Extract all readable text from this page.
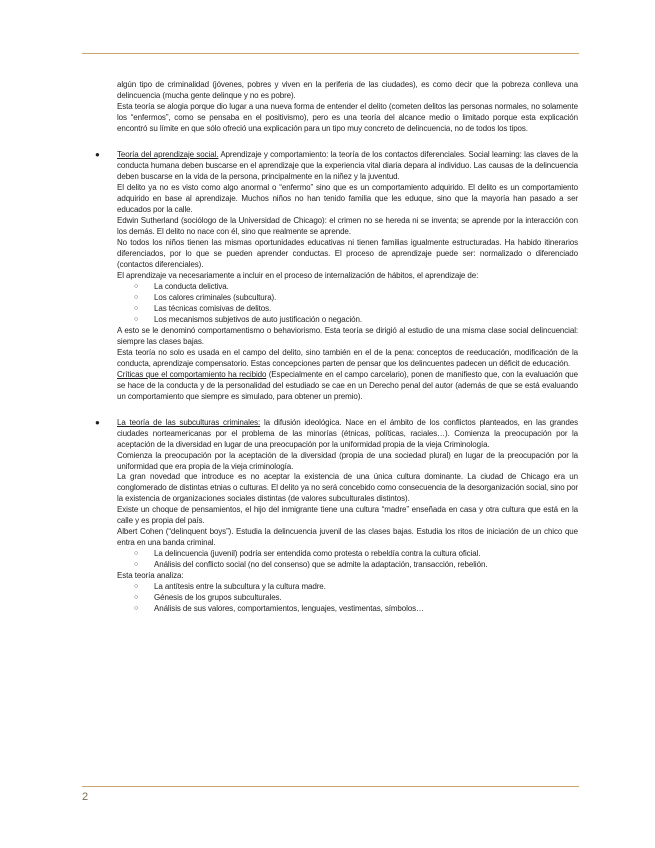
algún tipo de criminalidad (jóvenes, pobres y viven en la periferia de las ciudades), es como decir que la pobreza conlleva una delincuencia (mucha gente delinque y no es pobre).

Esta teoría se alogia porque dio lugar a una nueva forma de entender el delito (cometen delitos las personas normales, no solamente los “enfermos”, como se pensaba en el positivismo), pero es una teoría del alcance medio o limitado porque esta explicación encontró su límite en que sólo ofreció una explicación para un tipo muy concreto de delincuencia, no de todos los tipos.

● Teoría del aprendizaje social. Aprendizaje y comportamiento: la teoría de los contactos diferenciales. Social learning: las claves de la conducta humana deben buscarse en el aprendizaje que la experiencia vital diaria depara al individuo. Las causas de la delincuencia deben buscarse en la vida de la persona, principalmente en la niñez y la juventud.

El delito ya no es visto como algo anormal o “enfermo” sino que es un comportamiento adquirido. El delito es un comportamiento adquirido en base al aprendizaje. Muchos niños no han tenido familia que les eduque, sino que la mayoría han pasado a ser educados por la calle.

Edwin Sutherland (sociólogo de la Universidad de Chicago): el crimen no se hereda ni se inventa; se aprende por la interacción con los demás. El delito no nace con él, sino que realmente se aprende.

No todos los niños tienen las mismas oportunidades educativas ni tienen familias igualmente estructuradas. Ha habido itinerarios diferenciados, por lo que se pueden aprender conductas. El proceso de aprendizaje puede ser: normalizado o diferenciado (contactos diferenciales).

El aprendizaje va necesariamente a incluir en el proceso de internalización de hábitos, el aprendizaje de:

○ La conducta delictiva.
○ Los calores criminales (subcultura).
○ Las técnicas comisivas de delitos.
○ Los mecanismos subjetivos de auto justificación o negación.

A esto se le denominó comportamentismo o behaviorismo. Esta teoría se dirigió al estudio de una misma clase social delincuencial: siempre las clases bajas.

Esta teoría no solo es usada en el campo del delito, sino también en el de la pena: conceptos de reeducación, modificación de la conducta, aprendizaje compensatorio. Estas concepciones parten de pensar que los delincuentes padecen un déficit de educación.

Críticas que el comportamiento ha recibido (Especialmente en el campo carcelario), ponen de manifiesto que, con la evaluación que se hace de la conducta y de la personalidad del estudiado se cae en un Derecho penal del autor (además de que se está evaluando un comportamiento que siempre es simulado, para obtener un premio).

● La teoría de las subculturas criminales: la difusión ideológica. Nace en el ámbito de los conflictos planteados, en las grandes ciudades norteamericanas por el problema de las minorías (étnicas, políticas, raciales…). Comienza la preocupación por la aceptación de la diversidad en lugar de una preocupación por la uniformidad propia de la vieja Criminología.

Comienza la preocupación por la aceptación de la diversidad (propia de una sociedad plural) en lugar de la preocupación por la uniformidad que era propia de la vieja criminología.

La gran novedad que introduce es no aceptar la existencia de una única cultura dominante. La ciudad de Chicago era un conglomerado de distintas etnias o culturas. El delito ya no será concebido como consecuencia de la desorganización social, sino por la existencia de organizaciones sociales distintas (de valores subculturales distintos).

Existe un choque de pensamientos, el hijo del inmigrante tiene una cultura “madre” enseñada en casa y otra cultura que está en la calle y es propia del país.

Albert Cohen (“delinquent boys”). Estudia la delincuencia juvenil de las clases bajas. Estudia los ritos de iniciación de un chico que entra en una banda criminal.

○ La delincuencia (juvenil) podría ser entendida como protesta o rebeldía contra la cultura oficial.
○ Análisis del conflicto social (no del consenso) que se admite la adaptación, transacción, rebelión.

Esta teoría analiza:

○ La antítesis entre la subcultura y la cultura madre.
○ Génesis de los grupos subculturales.
○ Análisis de sus valores, comportamientos, lenguajes, vestimentas, símbolos…
2
